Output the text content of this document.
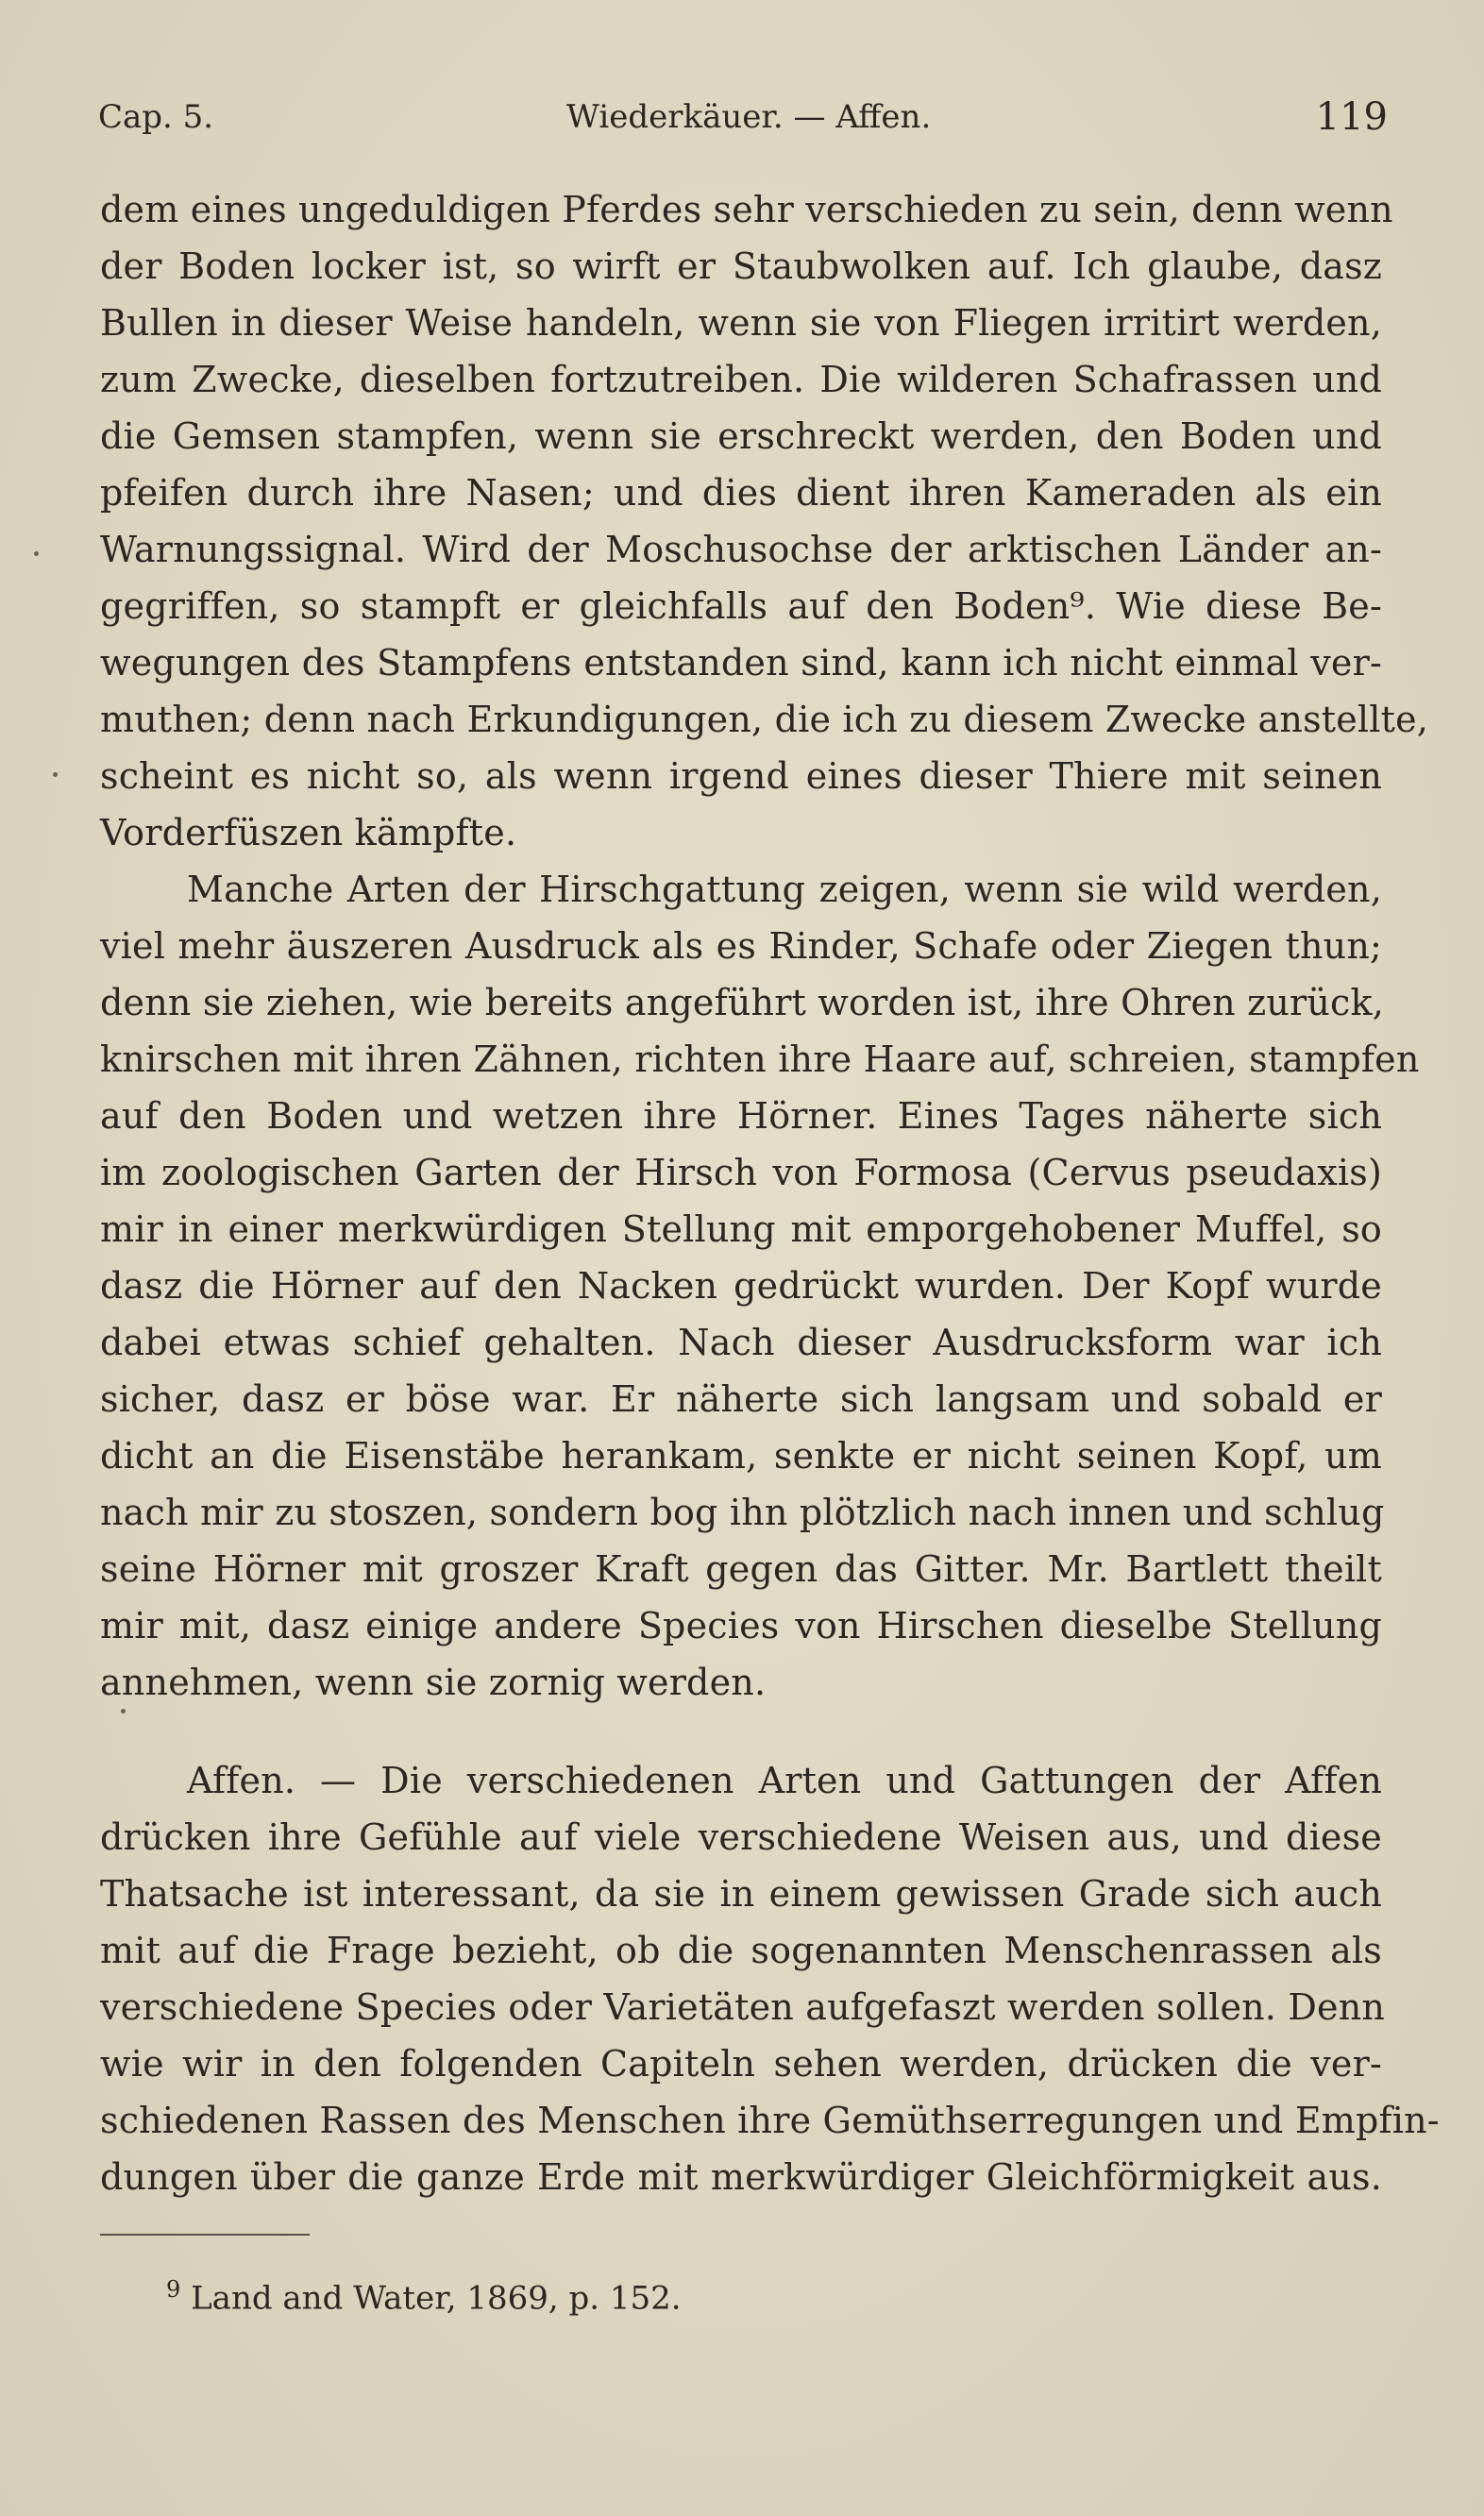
Cap. 5.	Wiederkäuer. — Affen.	119
dem eines ungeduldigen Pferdes sehr verschieden zu sein, denn wenn
der Boden locker ist, so wirft er Staubwolken auf. Ich glaube, dasz
Bullen in dieser Weise handeln, wenn sie von Fliegen irritirt werden,
zum Zwecke, dieselben fortzutreiben. Die wilderen Schafrassen und
die Gemsen stampfen, wenn sie erschreckt werden, den Boden und
pfeifen durch ihre Nasen; und dies dient ihren Kameraden als ein
Warnungssignal. Wird der Moschusochse der arktischen Länder an-
gegriffen, so stampft er gleichfalls auf den Boden⁹. Wie diese Be-
wegungen des Stampfens entstanden sind, kann ich nicht einmal ver-
muthen; denn nach Erkundigungen, die ich zu diesem Zwecke anstellte,
scheint es nicht so, als wenn irgend eines dieser Thiere mit seinen
Vorderfüszen kämpfte.
Manche Arten der Hirschgattung zeigen, wenn sie wild werden,
viel mehr äuszeren Ausdruck als es Rinder, Schafe oder Ziegen thun;
denn sie ziehen, wie bereits angeführt worden ist, ihre Ohren zurück,
knirschen mit ihren Zähnen, richten ihre Haare auf, schreien, stampfen
auf den Boden und wetzen ihre Hörner. Eines Tages näherte sich
im zoologischen Garten der Hirsch von Formosa (Cervus pseudaxis)
mir in einer merkwürdigen Stellung mit emporgehobener Muffel, so
dasz die Hörner auf den Nacken gedrückt wurden. Der Kopf wurde
dabei etwas schief gehalten. Nach dieser Ausdrucksform war ich
sicher, dasz er böse war. Er näherte sich langsam und sobald er
dicht an die Eisenstäbe herankam, senkte er nicht seinen Kopf, um
nach mir zu stoszen, sondern bog ihn plötzlich nach innen und schlug
seine Hörner mit groszer Kraft gegen das Gitter. Mr. Bartlett theilt
mir mit, dasz einige andere Species von Hirschen dieselbe Stellung
annehmen, wenn sie zornig werden.
Affen. — Die verschiedenen Arten und Gattungen der Affen
drücken ihre Gefühle auf viele verschiedene Weisen aus, und diese
Thatsache ist interessant, da sie in einem gewissen Grade sich auch
mit auf die Frage bezieht, ob die sogenannten Menschenrassen als
verschiedene Species oder Varietäten aufgefaszt werden sollen. Denn
wie wir in den folgenden Capiteln sehen werden, drücken die ver-
schiedenen Rassen des Menschen ihre Gemüthserregungen und Empfin-
dungen über die ganze Erde mit merkwürdiger Gleichförmigkeit aus.
$^9$ Land and Water, 1869, p. 152.
